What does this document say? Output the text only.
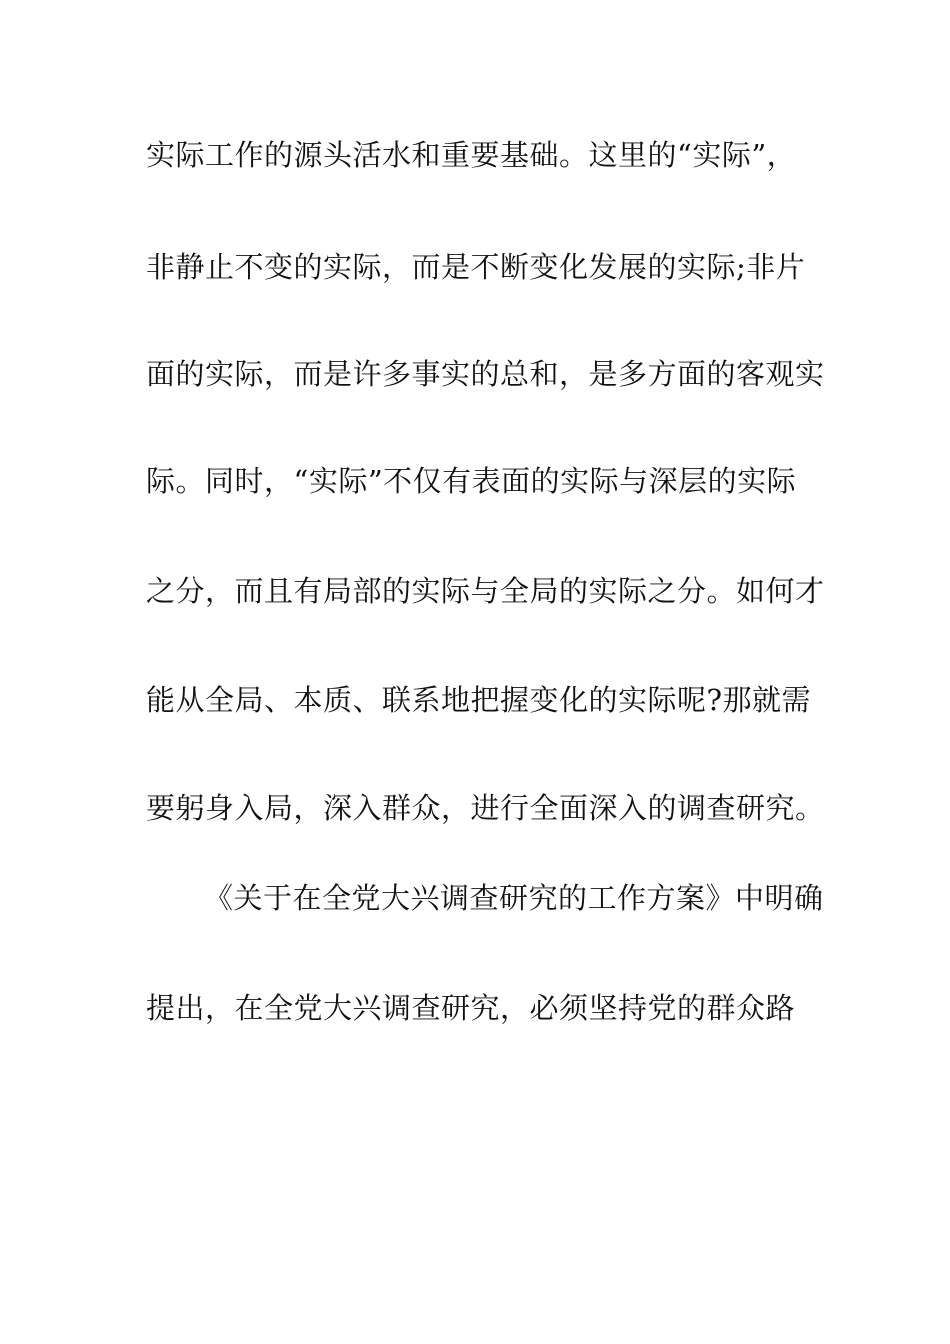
实际工作的源头活水和重要基础。这里的“实际”，
非静止不变的实际，而是不断变化发展的实际;非片
面的实际，而是许多事实的总和，是多方面的客观实
际。同时，“实际”不仅有表面的实际与深层的实际
之分，而且有局部的实际与全局的实际之分。如何才
能从全局、本质、联系地把握变化的实际呢?那就需
要躬身入局，深入群众，进行全面深入的调查研究。
《关于在全党大兴调查研究的工作方案》中明确
提出，在全党大兴调查研究，必须坚持党的群众路
